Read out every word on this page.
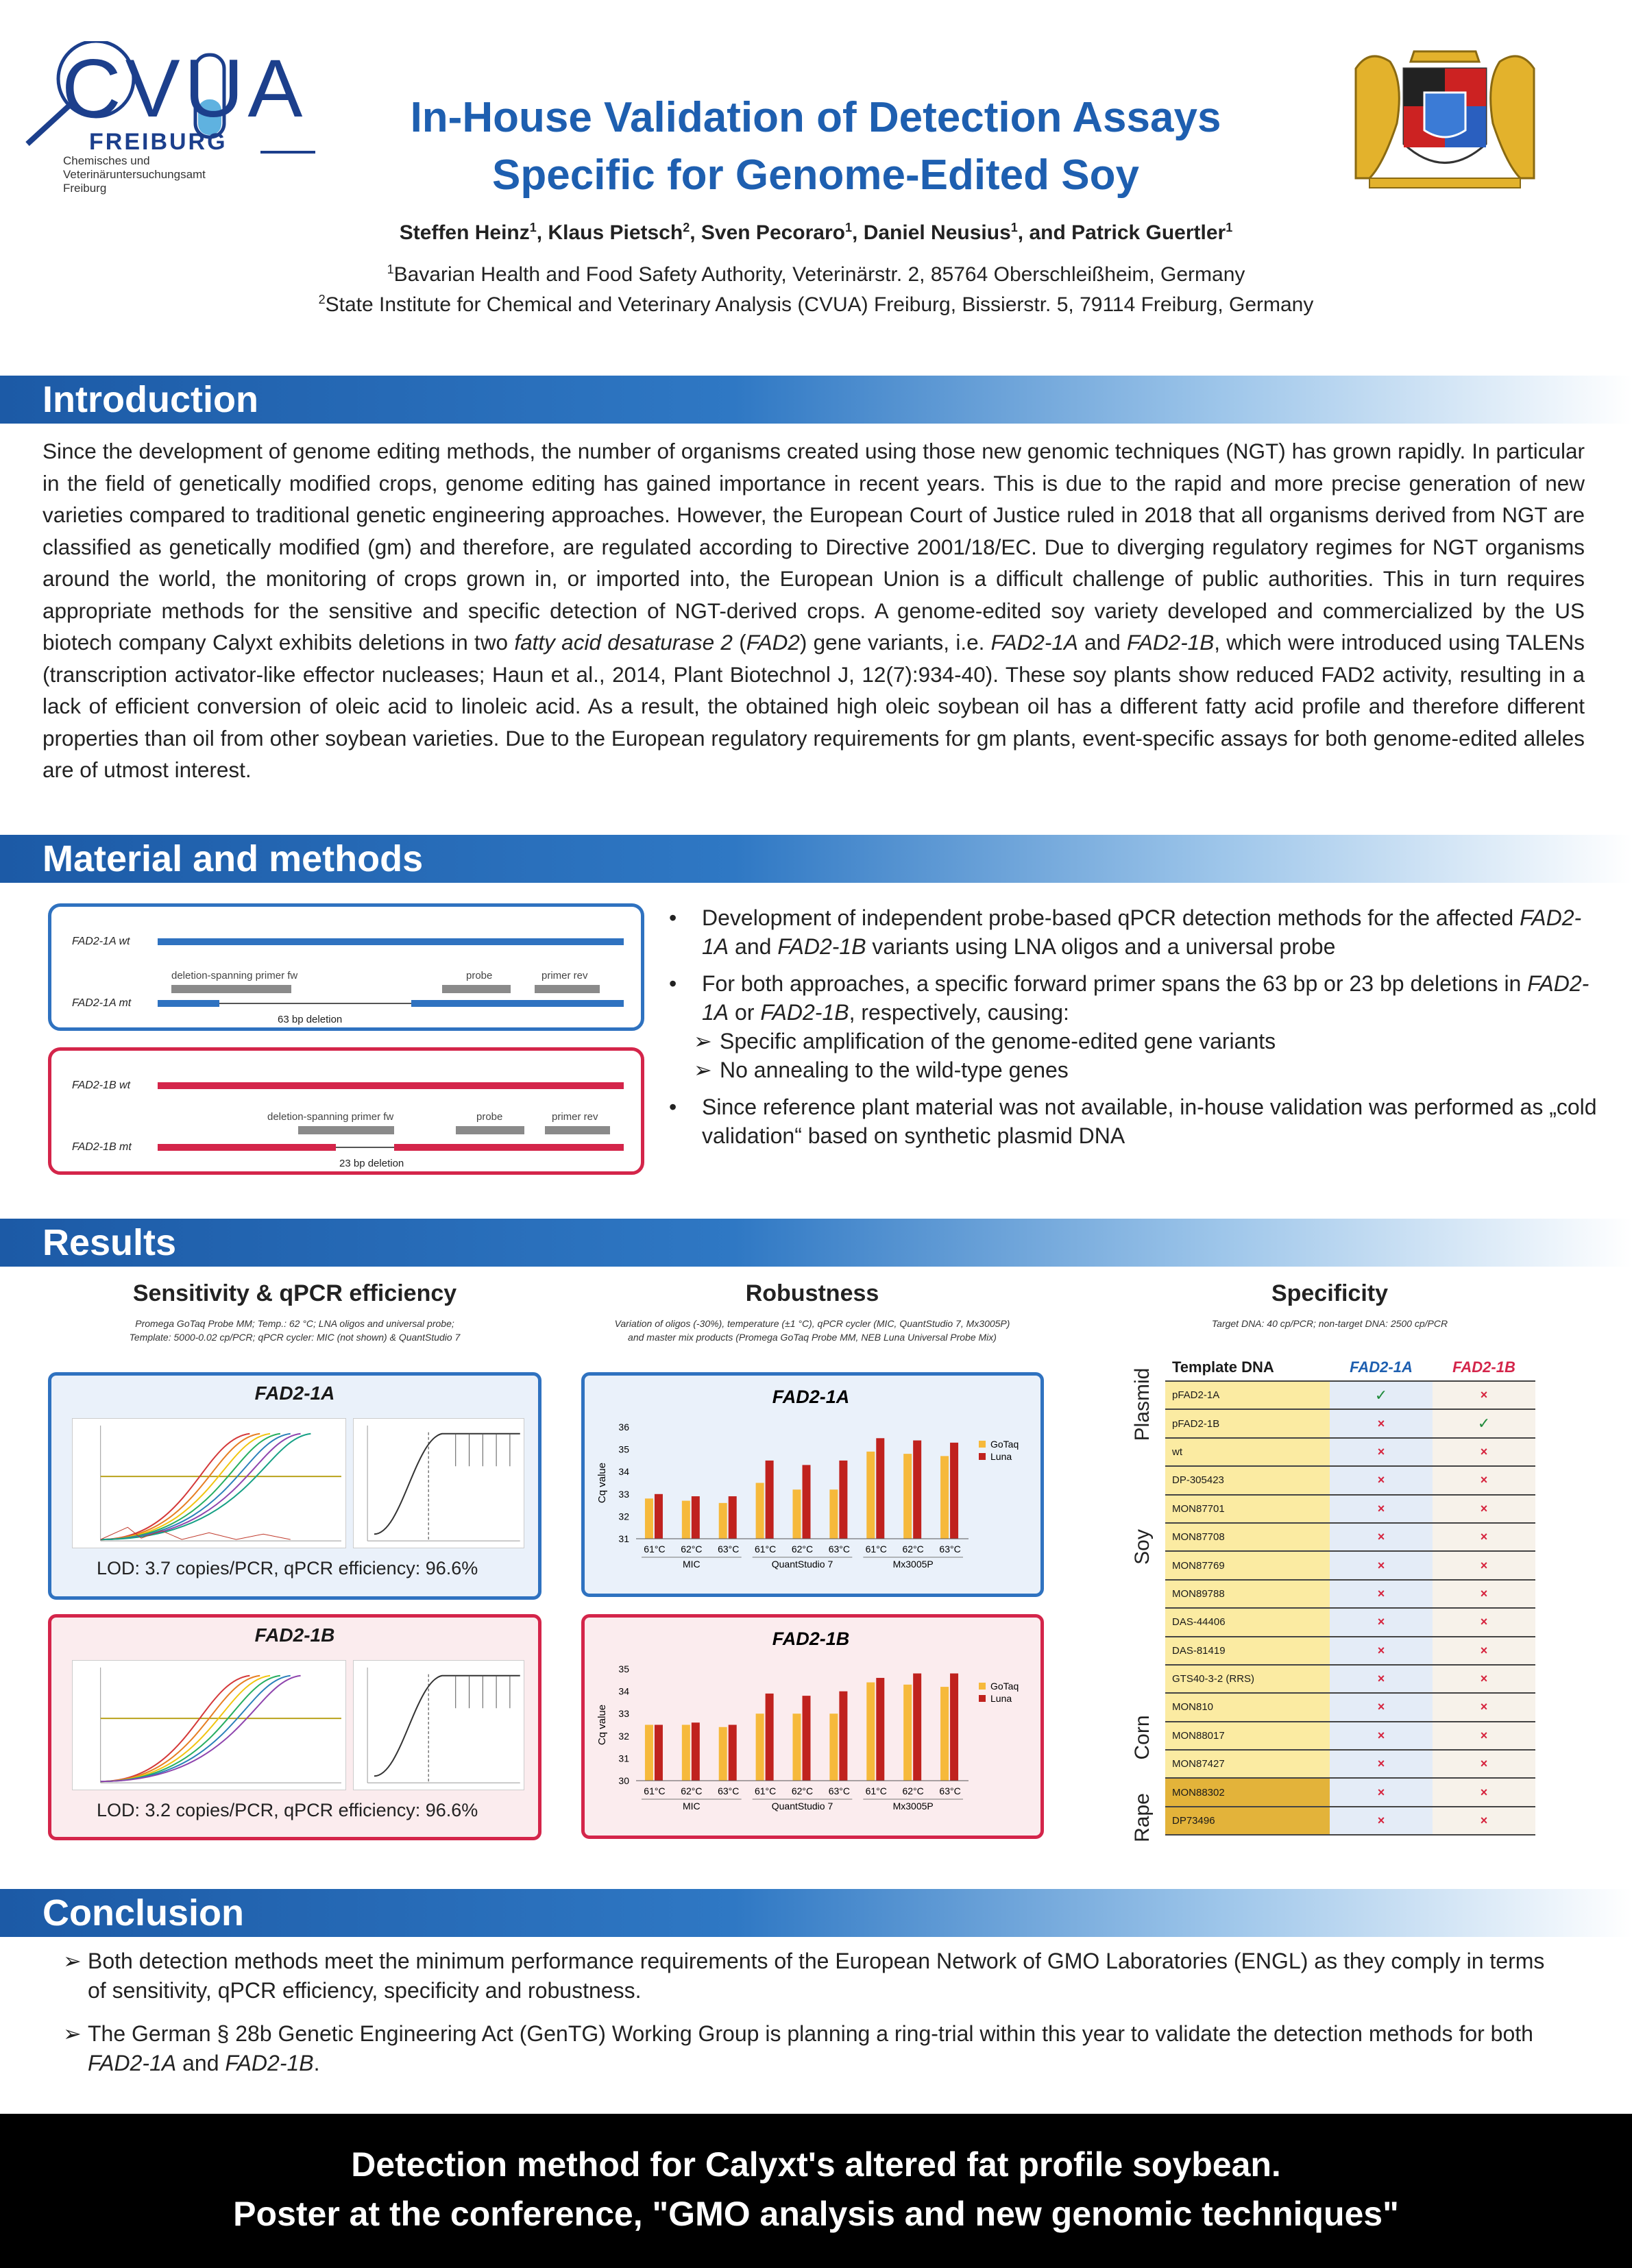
CVUA
FREIBURG
Chemisches und Veterinäruntersuchungsamt Freiburg
In-House Validation of Detection Assays
Specific for Genome-Edited Soy
Steffen Heinz$^1$, Klaus Pietsch$^2$, Sven Pecoraro$^1$, Daniel Neusius$^1$, and Patrick Guertler$^1$
$^1$Bavarian Health and Food Safety Authority, Veterinärstr. 2, 85764 Oberschleißheim, Germany
$^2$State Institute for Chemical and Veterinary Analysis (CVUA) Freiburg, Bissierstr. 5, 79114 Freiburg, Germany
Introduction
Since the development of genome editing methods, the number of organisms created using those new genomic techniques (NGT) has grown rapidly. In particular in the field of genetically modified crops, genome editing has gained importance in recent years. This is due to the rapid and more precise generation of new varieties compared to traditional genetic engineering approaches. However, the European Court of Justice ruled in 2018 that all organisms derived from NGT are classified as genetically modified (gm) and therefore, are regulated according to Directive 2001/18/EC. Due to diverging regulatory regimes for NGT organisms around the world, the monitoring of crops grown in, or imported into, the European Union is a difficult challenge of public authorities. This in turn requires appropriate methods for the sensitive and specific detection of NGT-derived crops. A genome-edited soy variety developed and commercialized by the US biotech company Calyxt exhibits deletions in two fatty acid desaturase 2 (FAD2) gene variants, i.e. FAD2-1A and FAD2-1B, which were introduced using TALENs (transcription activator-like effector nucleases; Haun et al., 2014, Plant Biotechnol J, 12(7):934-40). These soy plants show reduced FAD2 activity, resulting in a lack of efficient conversion of oleic acid to linoleic acid. As a result, the obtained high oleic soybean oil has a different fatty acid profile and therefore different properties than oil from other soybean varieties. Due to the European regulatory requirements for gm plants, event-specific assays for both genome-edited alleles are of utmost interest.
Material and methods
FAD2-1A wt
deletion-spanning primer fw	probe	primer rev
FAD2-1A mt
63 bp deletion
FAD2-1B wt
deletion-spanning primer fw	probe	primer rev
FAD2-1B mt
23 bp deletion
• Development of independent probe-based qPCR detection methods for the affected FAD2-1A and FAD2-1B variants using LNA oligos and a universal probe
• For both approaches, a specific forward primer spans the 63 bp or 23 bp deletions in FAD2-1A or FAD2-1B, respectively, causing:
➢ Specific amplification of the genome-edited gene variants
➢ No annealing to the wild-type genes
• Since reference plant material was not available, in-house validation was performed as „cold validation“ based on synthetic plasmid DNA
Results
Sensitivity & qPCR efficiency
Promega GoTaq Probe MM; Temp.: 62 °C; LNA oligos and universal probe;
Template: 5000-0.02 cp/PCR; qPCR cycler: MIC (not shown) & QuantStudio 7
FAD2-1A
LOD: 3.7 copies/PCR, qPCR efficiency: 96.6%
FAD2-1B
LOD: 3.2 copies/PCR, qPCR efficiency: 96.6%
Robustness
Variation of oligos (-30%), temperature (±1 °C), qPCR cycler (MIC, QuantStudio 7, Mx3005P)
and master mix products (Promega GoTaq Probe MM, NEB Luna Universal Probe Mix)
FAD2-1A
Cq value
31
32
33
34
35
36
61°C 62°C 63°C 61°C 62°C 63°C 61°C 62°C 63°C
MIC	QuantStudio 7	Mx3005P
GoTaq
Luna
FAD2-1B
Cq value
30
31
32
33
34
35
61°C 62°C 63°C 61°C 62°C 63°C 61°C 62°C 63°C
MIC	QuantStudio 7	Mx3005P
GoTaq
Luna
Specificity
Target DNA: 40 cp/PCR; non-target DNA: 2500 cp/PCR
Plasmid
Soy
Corn
Rape
Template DNA	FAD2-1A	FAD2-1B
pFAD2-1A	✓	×
pFAD2-1B	×	✓
wt	×	×
DP-305423	×	×
MON87701	×	×
MON87708	×	×
MON87769	×	×
MON89788	×	×
DAS-44406	×	×
DAS-81419	×	×
GTS40-3-2 (RRS)	×	×
MON810	×	×
MON88017	×	×
MON87427	×	×
MON88302	×	×
DP73496	×	×
Conclusion
➢ Both detection methods meet the minimum performance requirements of the European Network of GMO Laboratories (ENGL) as they comply in terms of sensitivity, qPCR efficiency, specificity and robustness.
➢ The German § 28b Genetic Engineering Act (GenTG) Working Group is planning a ring-trial within this year to validate the detection methods for both FAD2-1A and FAD2-1B.
Detection method for Calyxt's altered fat profile soybean.
Poster at the conference, "GMO analysis and new genomic techniques"
